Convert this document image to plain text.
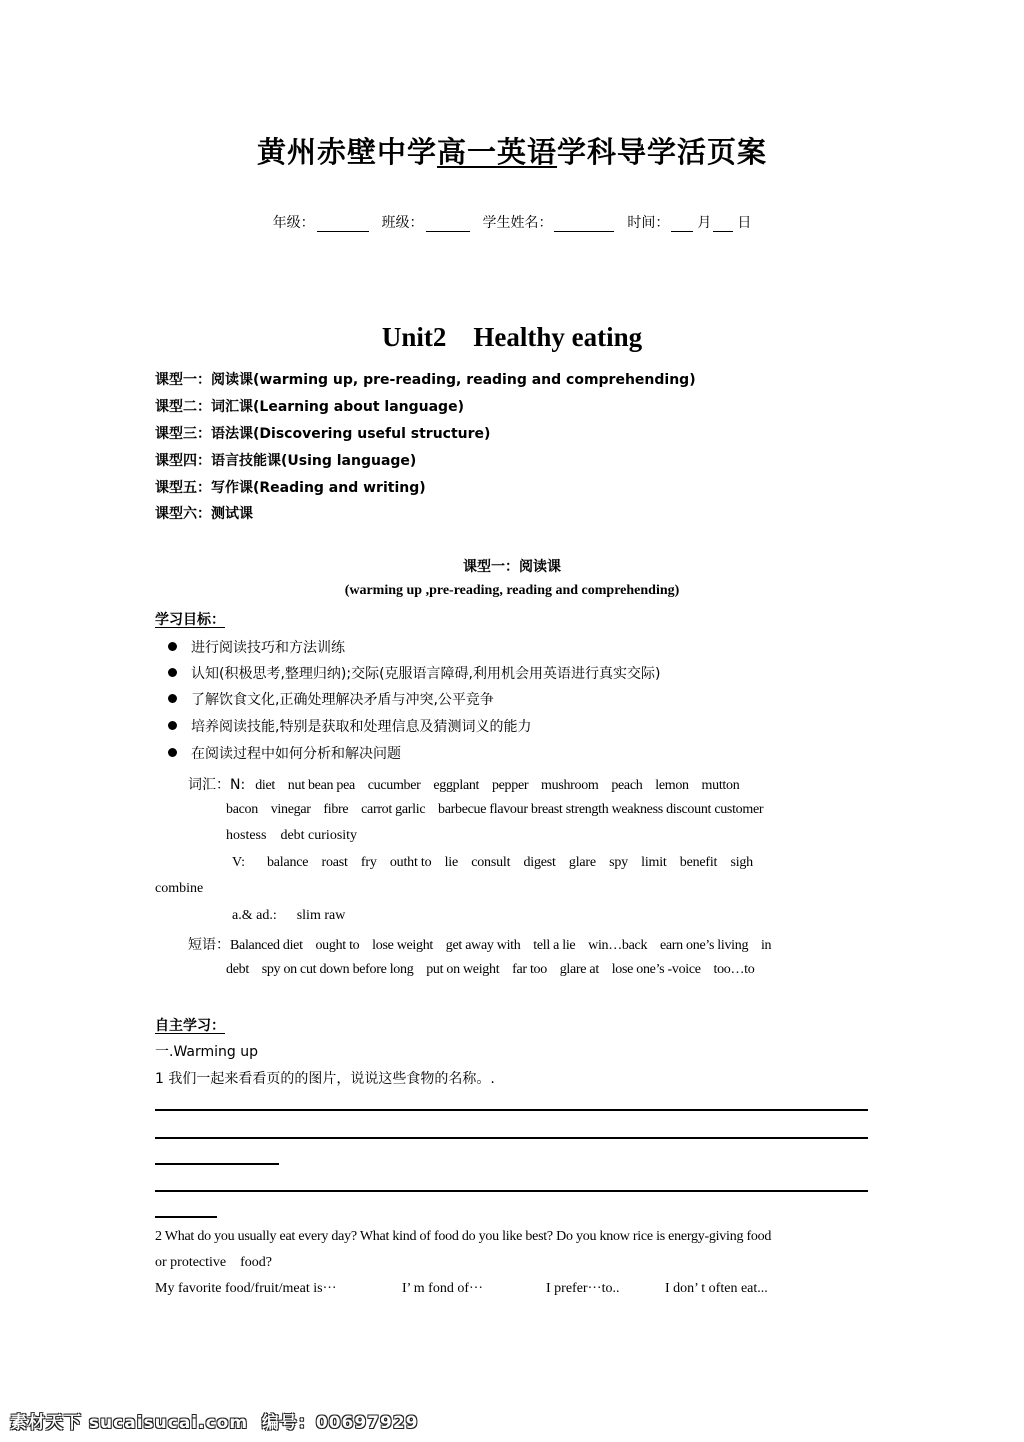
黄州赤壁中学高一英语学科导学活页案
年级：	班级：	学生姓名：	时间： 月 日
Unit2    Healthy eating
课型一：阅读课(warming up, pre-reading, reading and comprehending)
课型二：词汇课(Learning about language)
课型三：语法课(Discovering useful structure)
课型四：语言技能课(Using language)
课型五：写作课(Reading and writing)
课型六：测试课
课型一：阅读课
(warming up ,pre-reading, reading and comprehending)
学习目标：
进行阅读技巧和方法训练
认知(积极思考,整理归纳);交际(克服语言障碍,利用机会用英语进行真实交际)
了解饮食文化,正确处理解决矛盾与冲突,公平竞争
培养阅读技能,特别是获取和处理信息及猜测词义的能力
在阅读过程中如何分析和解决问题
词汇：N: diet    nut bean pea    cucumber    eggplant    pepper    mushroom    peach    lemon    mutton
bacon    vinegar    fibre    carrot garlic    barbecue flavour breast strength weakness discount customer
hostess    debt curiosity
V: balance    roast    fry    outht to    lie    consult    digest    glare    spy    limit    benefit    sigh
combine
a.& ad.: slim raw
短语：Balanced diet    ought to    lose weight    get away with    tell a lie    win…back    earn one’s living    in
debt    spy on cut down before long    put on weight    far too    glare at    lose one’s -voice    too…to
自主学习：
一.Warming up
1 我们一起来看看页的的图片，说说这些食物的名称。.
2 What do you usually eat every day? What kind of food do you like best? Do you know rice is energy-giving food
or protective    food?
My favorite food/fruit/meat is···	I’ m fond of···	I prefer···to..	I don’ t often eat...
素材天下 sucaisucai.com  编号：00697929
